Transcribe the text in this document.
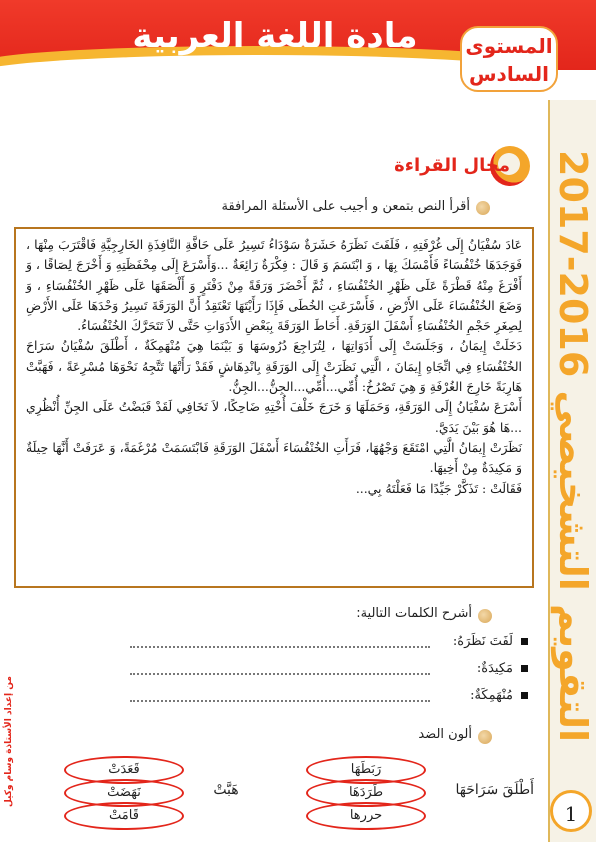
مادة اللغة العربية	المستوى
السادس
التقويم التشخيصي 2016-2017
1
من إعداد الأستاذة وسام وكيل
مجال القراءة
أقرأ النص بتمعن و أجيب على الأسئلة المرافقة

عَادَ سُفْيَانُ إِلَى غُرْفَتِهِ ، فَلَفَتَ نَظَرَهُ حَشَرَةٌ سَوْدَاءُ تَسِيرُ عَلَى حَافَّةِ النَّافِذَةِ الخَارِجِيَّةِ فَاقْتَرَبَ مِنْهَا ، فَوَجَدَهَا خُنْفُسَاءً فَأَمْسَكَ بِهَا ، وَ ابْتَسَمَ وَ قَالَ : فِكْرَةٌ رَائِعَةٌ ...وَأَسْرَعَ إِلَى مِحْفَظَتِهِ وَ أَخْرَجَ لِصَاقًا ، وَ أَفْرَغَ مِنْهُ قَطْرَةً عَلَى ظَهْرِ الخُنْفُسَاءِ ، ثُمَّ أَحْضَرَ وَرَقَةً مِنْ دَفْتَرٍ وَ أَلْصَقَهَا عَلَى ظَهْرِ الخُنْفُسَاءِ ، وَ وَضَعَ الخُنْفُسَاءَ عَلَى الأَرْضِ ، فَأَسْرَعَتِ الخُطَى فَإِذَا رَأَيْتَهَا تَعْتَقِدُ أَنَّ الوَرَقَةَ تَسِيرُ وَحْدَهَا عَلَى الأَرْضِ لِصِغَرِ حَجْمِ الخُنْفُسَاءِ أَسْفَلَ الوَرَقَةِ. أَحَاطَ الوَرَقَةَ بِبَعْضِ الأَدَوَاتِ حَتَّى لاَ تَتَحَرَّكَ الخُنْفُسَاءُ.

دَخَلَتْ إِيمَانُ ، وَجَلَسَتْ إِلَى أَدَوَاتِهَا ، لِتُرَاجِعَ دُرُوسَهَا وَ بَيْنَمَا هِيَ مُنْهَمِكَةٌ ، أَطْلَقَ سُفْيَانُ سَرَاحَ الخُنْفُسَاءِ فِي اتِّجَاهِ إِيمَانَ ، الَّتِي نَظَرَتْ إِلَى الوَرَقَةِ بِانْدِهَاشٍ فَقَدْ رَأَتْهَا تَتَّجِهُ نَحْوَهَا مُسْرِعَةً ، فَهَبَّتْ هَارِبَةً خَارِجَ الغُرْفَةِ وَ هِيَ تَصْرُخُ: أُمِّي...أُمِّي...الجِنُّ...الجِنُّ.

أَسْرَعَ سُفْيَانُ إِلَى الوَرَقَةِ، وَحَمَلَهَا وَ خَرَجَ خَلْفَ أُخْتِهِ ضَاحِكًا، لاَ تَخَافِي لَقَدْ قَبَضْتُ عَلَى الجِنِّ أُنْظُرِي ...هَا هُوَ بَيْنَ يَدَيَّ.

نَظَرَتْ إِيمَانُ الَّتِي امْتَقَعَ وَجْهُهَا، فَرَأَتِ الخُنْفُسَاءَ أَسْفَلَ الوَرَقَةِ فَابْتَسَمَتْ مُرْغَمَةً، وَ عَرَفَتْ أَنَّهَا حِيلَةٌ وَ مَكِيدَةٌ مِنْ أَخِيهَا.

فَقَالَتْ : تَذَكَّرْ جَيِّدًا مَا فَعَلْتَهُ بِي...

أشرح الكلمات التالية:
لَفَتَ نَظَرَهُ:
مَكِيدَةٌ:
مُنْهَمِكَةٌ:
ألون الضد
أَطْلَقَ سَرَاحَهَا
رَبَطَهَا
طَرَدَهَا
حررها
هَبَّتْ
قَعَدَتْ
نَهَضَتْ
قَامَتْ
